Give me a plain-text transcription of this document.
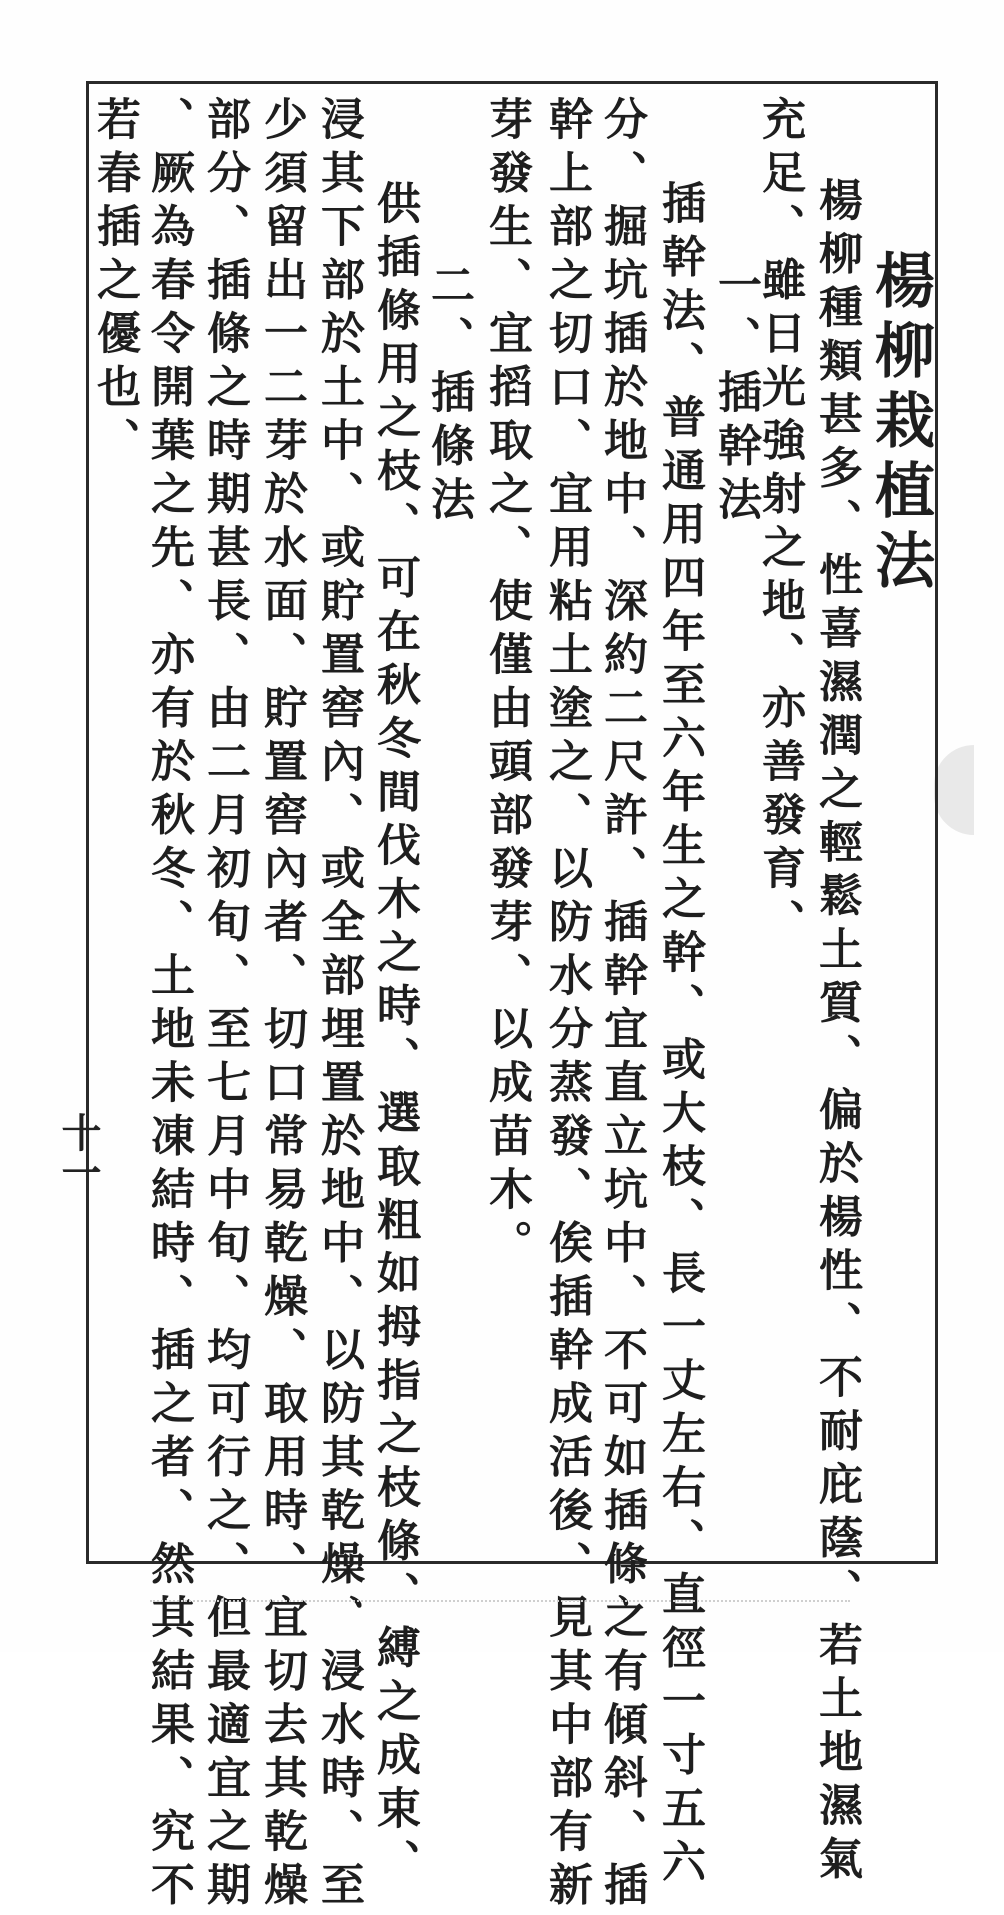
楊柳栽植法
楊柳種類甚多、性喜濕潤之輕鬆土質、偏於楊性、不耐庇蔭、若土地濕氣
充足、雖日光強射之地、亦善發育、
一、插幹法
插幹法、普通用四年至六年生之幹、或大枝、長一丈左右、直徑一寸五六
分、掘坑插於地中、深約二尺許、插幹宜直立坑中、不可如插條之有傾斜、插
幹上部之切口、宜用粘土塗之、以防水分蒸發、俟插幹成活後、見其中部有新
芽發生、宜搯取之、使僅由頭部發芽、以成苗木。
二、插條法
供插條用之枝、可在秋冬間伐木之時、選取粗如拇指之枝條、縛之成束、
浸其下部於土中、或貯置窖內、或全部埋置於地中、以防其乾燥、浸水時、至
少須留出一二芽於水面、貯置窖內者、切口常易乾燥、取用時、宜切去其乾燥
部分、插條之時期甚長、由二月初旬、至七月中旬、均可行之、但最適宜之期
、厥為春令開葉之先、亦有於秋冬、土地未凍結時、插之者、然其結果、究不
若春插之優也、
十一
